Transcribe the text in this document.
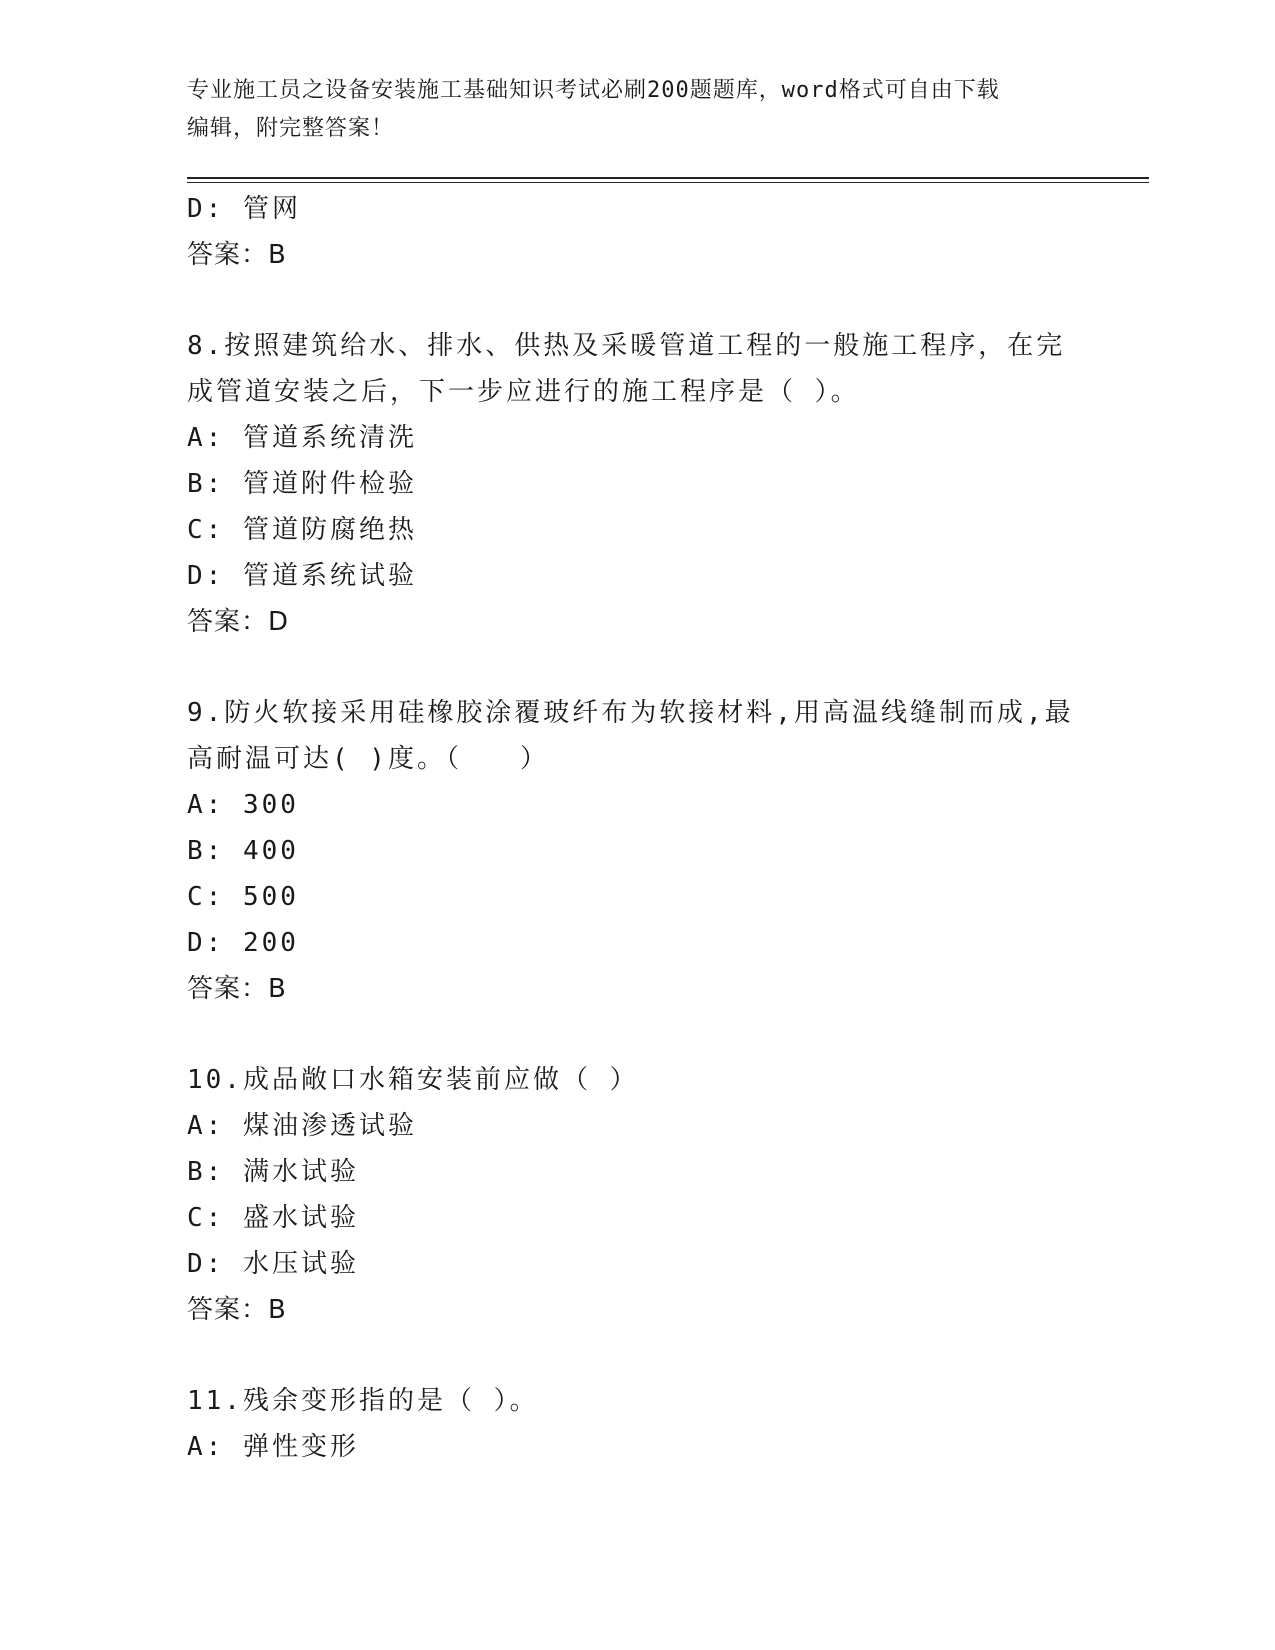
专业施工员之设备安装施工基础知识考试必刷200题题库，word格式可自由下载
编辑，附完整答案！
D: 管网
答案：B
8.按照建筑给水、排水、供热及采暖管道工程的一般施工程序，在完
成管道安装之后，下一步应进行的施工程序是（ ）。
A: 管道系统清洗
B: 管道附件检验
C: 管道防腐绝热
D: 管道系统试验
答案：D
9.防火软接采用硅橡胶涂覆玻纤布为软接材料,用高温线缝制而成,最
高耐温可达( )度。（　　）
A: 300
B: 400
C: 500
D: 200
答案：B
10.成品敞口水箱安装前应做（ ）
A: 煤油渗透试验
B: 满水试验
C: 盛水试验
D: 水压试验
答案：B
11.残余变形指的是（ ）。
A: 弹性变形
